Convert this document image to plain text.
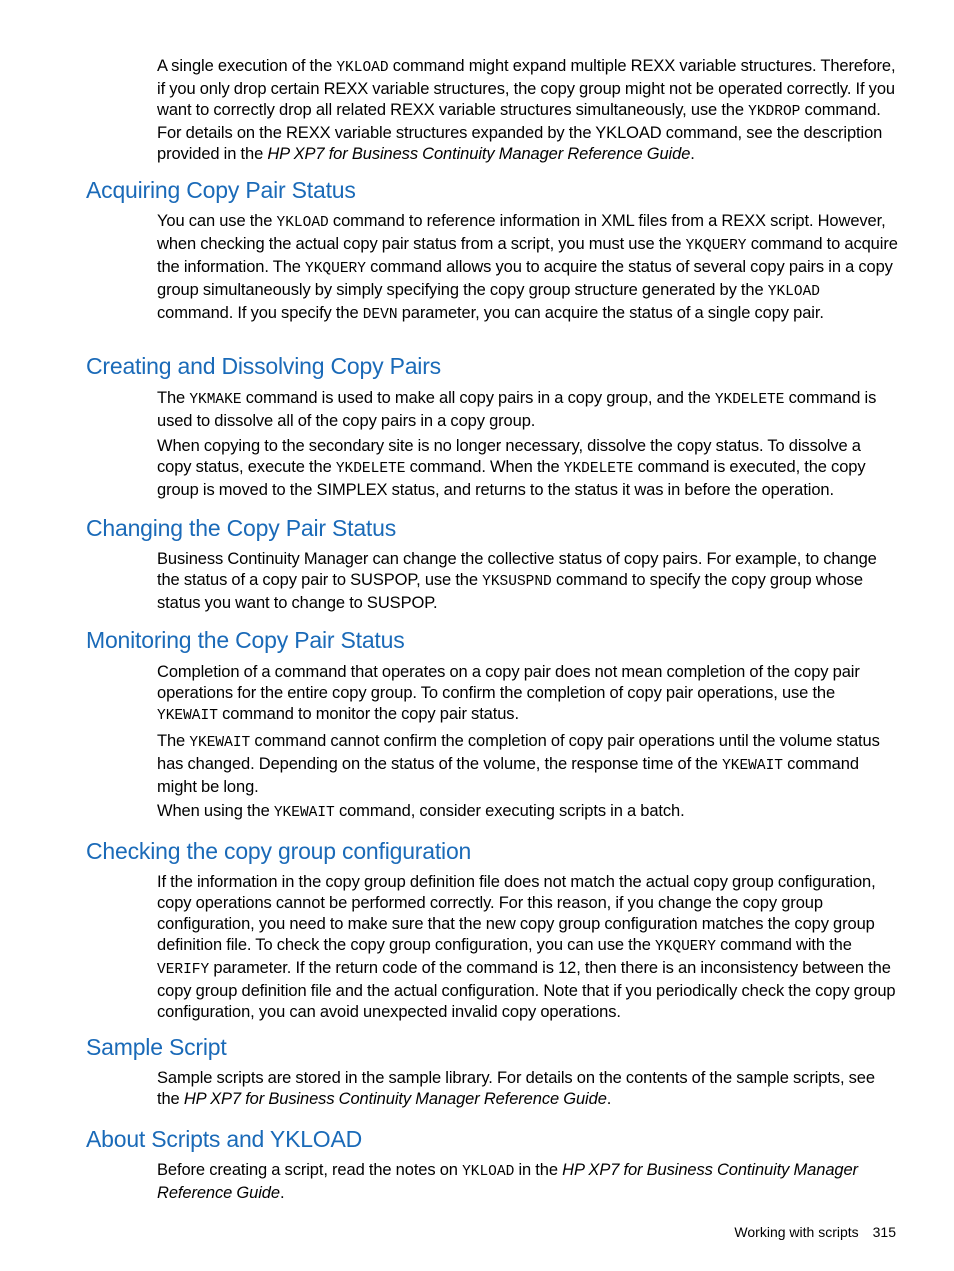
A single execution of the YKLOAD command might expand multiple REXX variable structures. Therefore, if you only drop certain REXX variable structures, the copy group might not be operated correctly. If you want to correctly drop all related REXX variable structures simultaneously, use the YKDROP command. For details on the REXX variable structures expanded by the YKLOAD command, see the description provided in the HP XP7 for Business Continuity Manager Reference Guide.

Acquiring Copy Pair Status

You can use the YKLOAD command to reference information in XML files from a REXX script. However, when checking the actual copy pair status from a script, you must use the YKQUERY command to acquire the information. The YKQUERY command allows you to acquire the status of several copy pairs in a copy group simultaneously by simply specifying the copy group structure generated by the YKLOAD command. If you specify the DEVN parameter, you can acquire the status of a single copy pair.

Creating and Dissolving Copy Pairs

The YKMAKE command is used to make all copy pairs in a copy group, and the YKDELETE command is used to dissolve all of the copy pairs in a copy group.

When copying to the secondary site is no longer necessary, dissolve the copy status. To dissolve a copy status, execute the YKDELETE command. When the YKDELETE command is executed, the copy group is moved to the SIMPLEX status, and returns to the status it was in before the operation.

Changing the Copy Pair Status

Business Continuity Manager can change the collective status of copy pairs. For example, to change the status of a copy pair to SUSPOP, use the YKSUSPND command to specify the copy group whose status you want to change to SUSPOP.

Monitoring the Copy Pair Status

Completion of a command that operates on a copy pair does not mean completion of the copy pair operations for the entire copy group. To confirm the completion of copy pair operations, use the YKEWAIT command to monitor the copy pair status.

The YKEWAIT command cannot confirm the completion of copy pair operations until the volume status has changed. Depending on the status of the volume, the response time of the YKEWAIT command might be long.

When using the YKEWAIT command, consider executing scripts in a batch.

Checking the copy group configuration

If the information in the copy group definition file does not match the actual copy group configuration, copy operations cannot be performed correctly. For this reason, if you change the copy group configuration, you need to make sure that the new copy group configuration matches the copy group definition file. To check the copy group configuration, you can use the YKQUERY command with the VERIFY parameter. If the return code of the command is 12, then there is an inconsistency between the copy group definition file and the actual configuration. Note that if you periodically check the copy group configuration, you can avoid unexpected invalid copy operations.

Sample Script

Sample scripts are stored in the sample library. For details on the contents of the sample scripts, see the HP XP7 for Business Continuity Manager Reference Guide.

About Scripts and YKLOAD

Before creating a script, read the notes on YKLOAD in the HP XP7 for Business Continuity Manager Reference Guide.

Working with scripts 315
